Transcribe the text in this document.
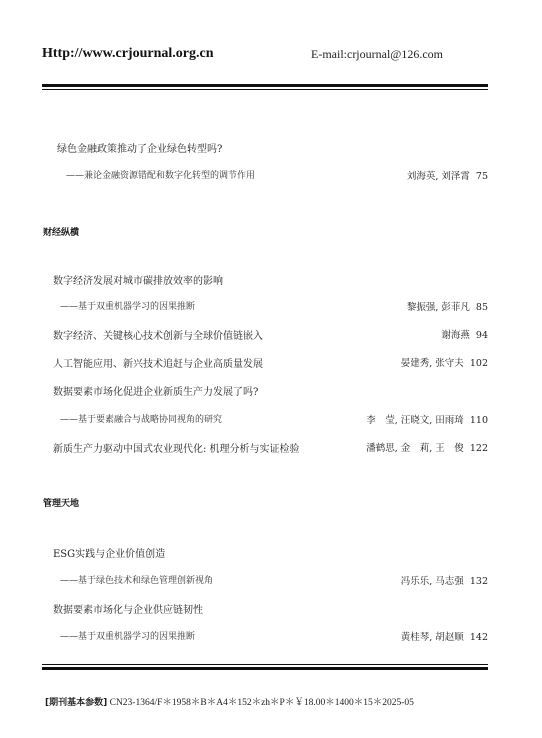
Http://www.crjournal.org.cn	E-mail:crjournal@126.com
绿色金融政策推动了企业绿色转型吗?
——兼论金融资源错配和数字化转型的调节作用	刘海英, 刘泽霄 75
财经纵横
数字经济发展对城市碳排放效率的影响
——基于双重机器学习的因果推断	黎振强, 彭菲凡 85
数字经济、关键核心技术创新与全球价值链嵌入	谢海燕 94
人工智能应用、新兴技术追赶与企业高质量发展	晏建秀, 张守夫 102
数据要素市场化促进企业新质生产力发展了吗?
——基于要素融合与战略协同视角的研究	李　莹, 汪晓文, 田雨琦 110
新质生产力驱动中国式农业现代化: 机理分析与实证检验	潘鹤思, 金　莉, 王　俊 122
管理天地
ESG实践与企业价值创造
——基于绿色技术和绿色管理创新视角	冯乐乐, 马志强 132
数据要素市场化与企业供应链韧性
——基于双重机器学习的因果推断	黄桂琴, 胡赵顺 142
[期刊基本参数] CN23-1364/F＊1958＊B＊A4＊152＊zh＊P＊￥18.00＊1400＊15＊2025-05
